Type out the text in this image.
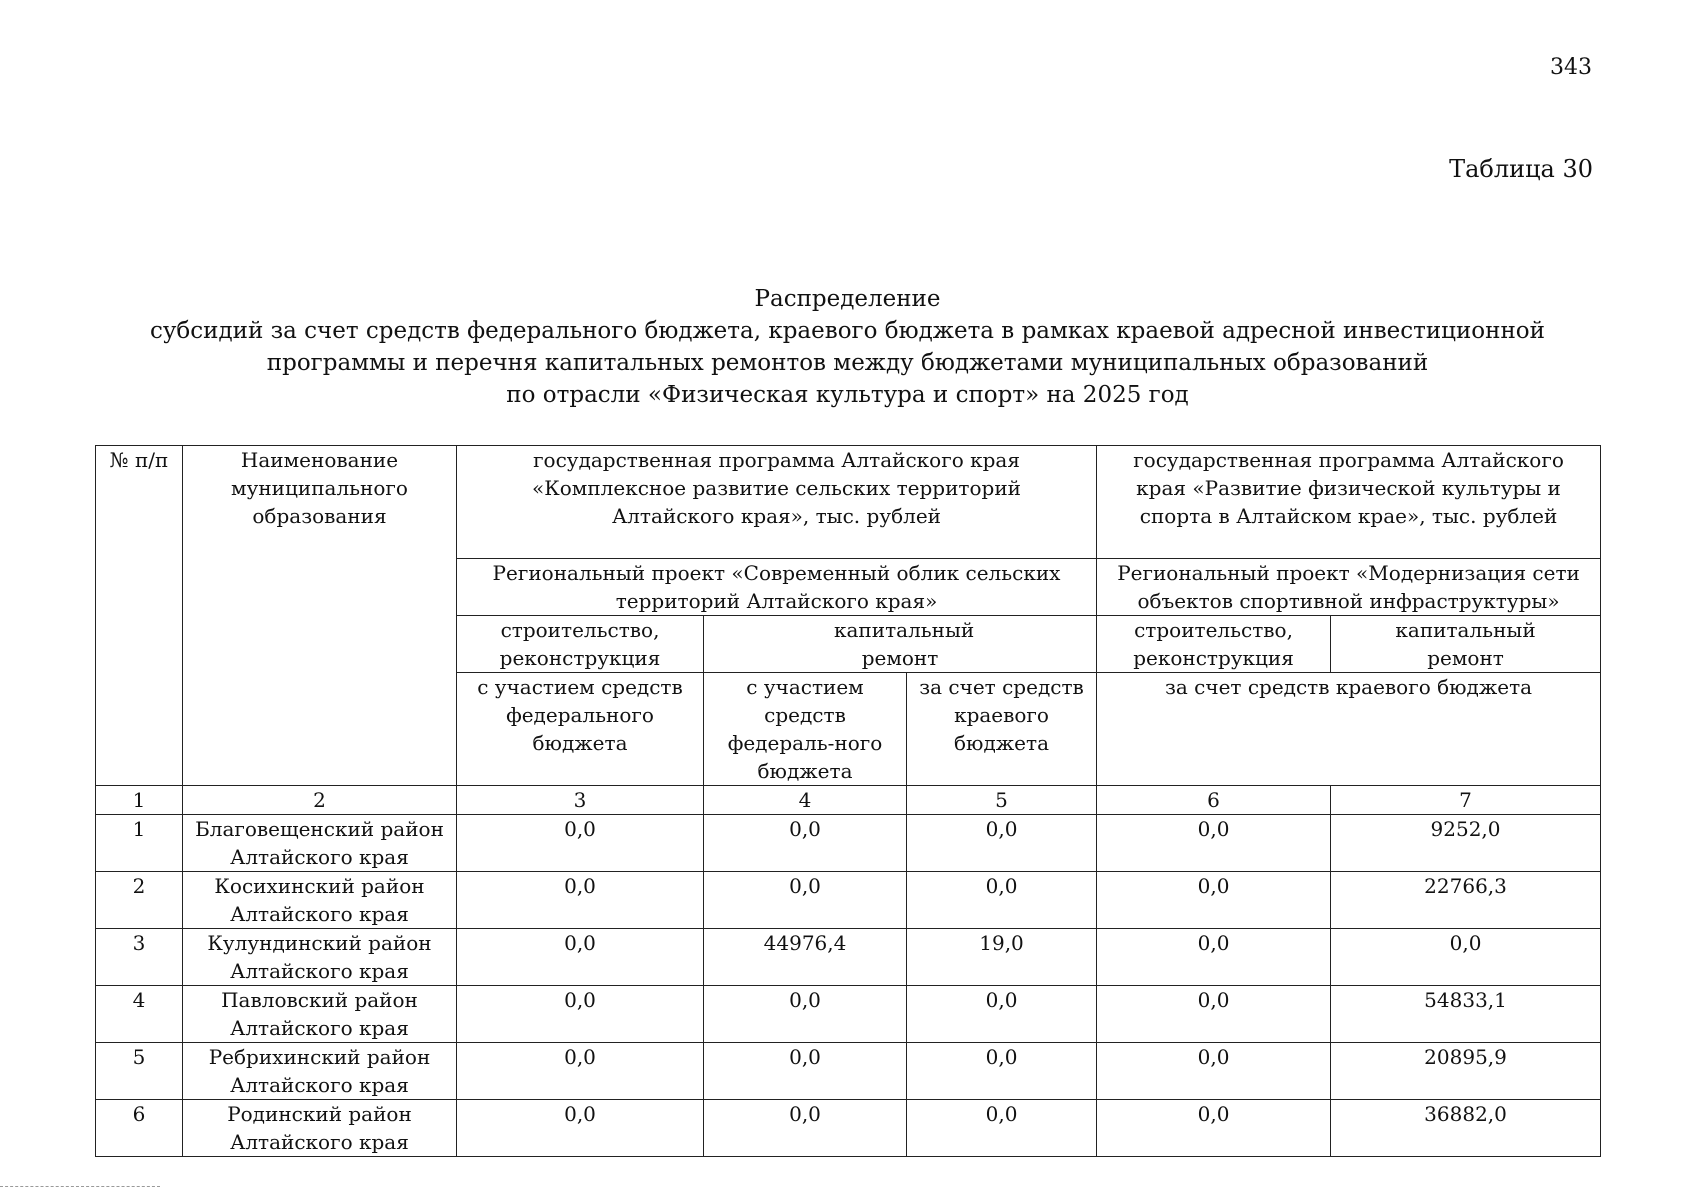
343
Таблица 30
Распределение
субсидий за счет средств федерального бюджета, краевого бюджета в рамках краевой адресной инвестиционной
программы и перечня капитальных ремонтов между бюджетами муниципальных образований
по отрасли «Физическая культура и спорт» на 2025 год
№ п/п	Наименование муниципального образования	государственная программа Алтайского края «Комплексное развитие сельских территорий Алтайского края», тыс. рублей			государственная программа Алтайского края «Развитие физической культуры и спорта в Алтайском крае», тыс. рублей	
		Региональный проект «Современный облик сельских территорий Алтайского края»			Региональный проект «Модернизация сети объектов спортивной инфраструктуры»	
		строительство, реконструкция	капитальный ремонт		строительство, реконструкция	капитальный ремонт
		с участием средств федерального бюджета	с участием средств федераль-ного бюджета	за счет средств краевого бюджета	за счет средств краевого бюджета	
1	2	3	4	5	6	7
1	Благовещенский район Алтайского края	0,0	0,0	0,0	0,0	9252,0
2	Косихинский район Алтайского края	0,0	0,0	0,0	0,0	22766,3
3	Кулундинский район Алтайского края	0,0	44976,4	19,0	0,0	0,0
4	Павловский район Алтайского края	0,0	0,0	0,0	0,0	54833,1
5	Ребрихинский район Алтайского края	0,0	0,0	0,0	0,0	20895,9
6	Родинский район Алтайского края	0,0	0,0	0,0	0,0	36882,0
